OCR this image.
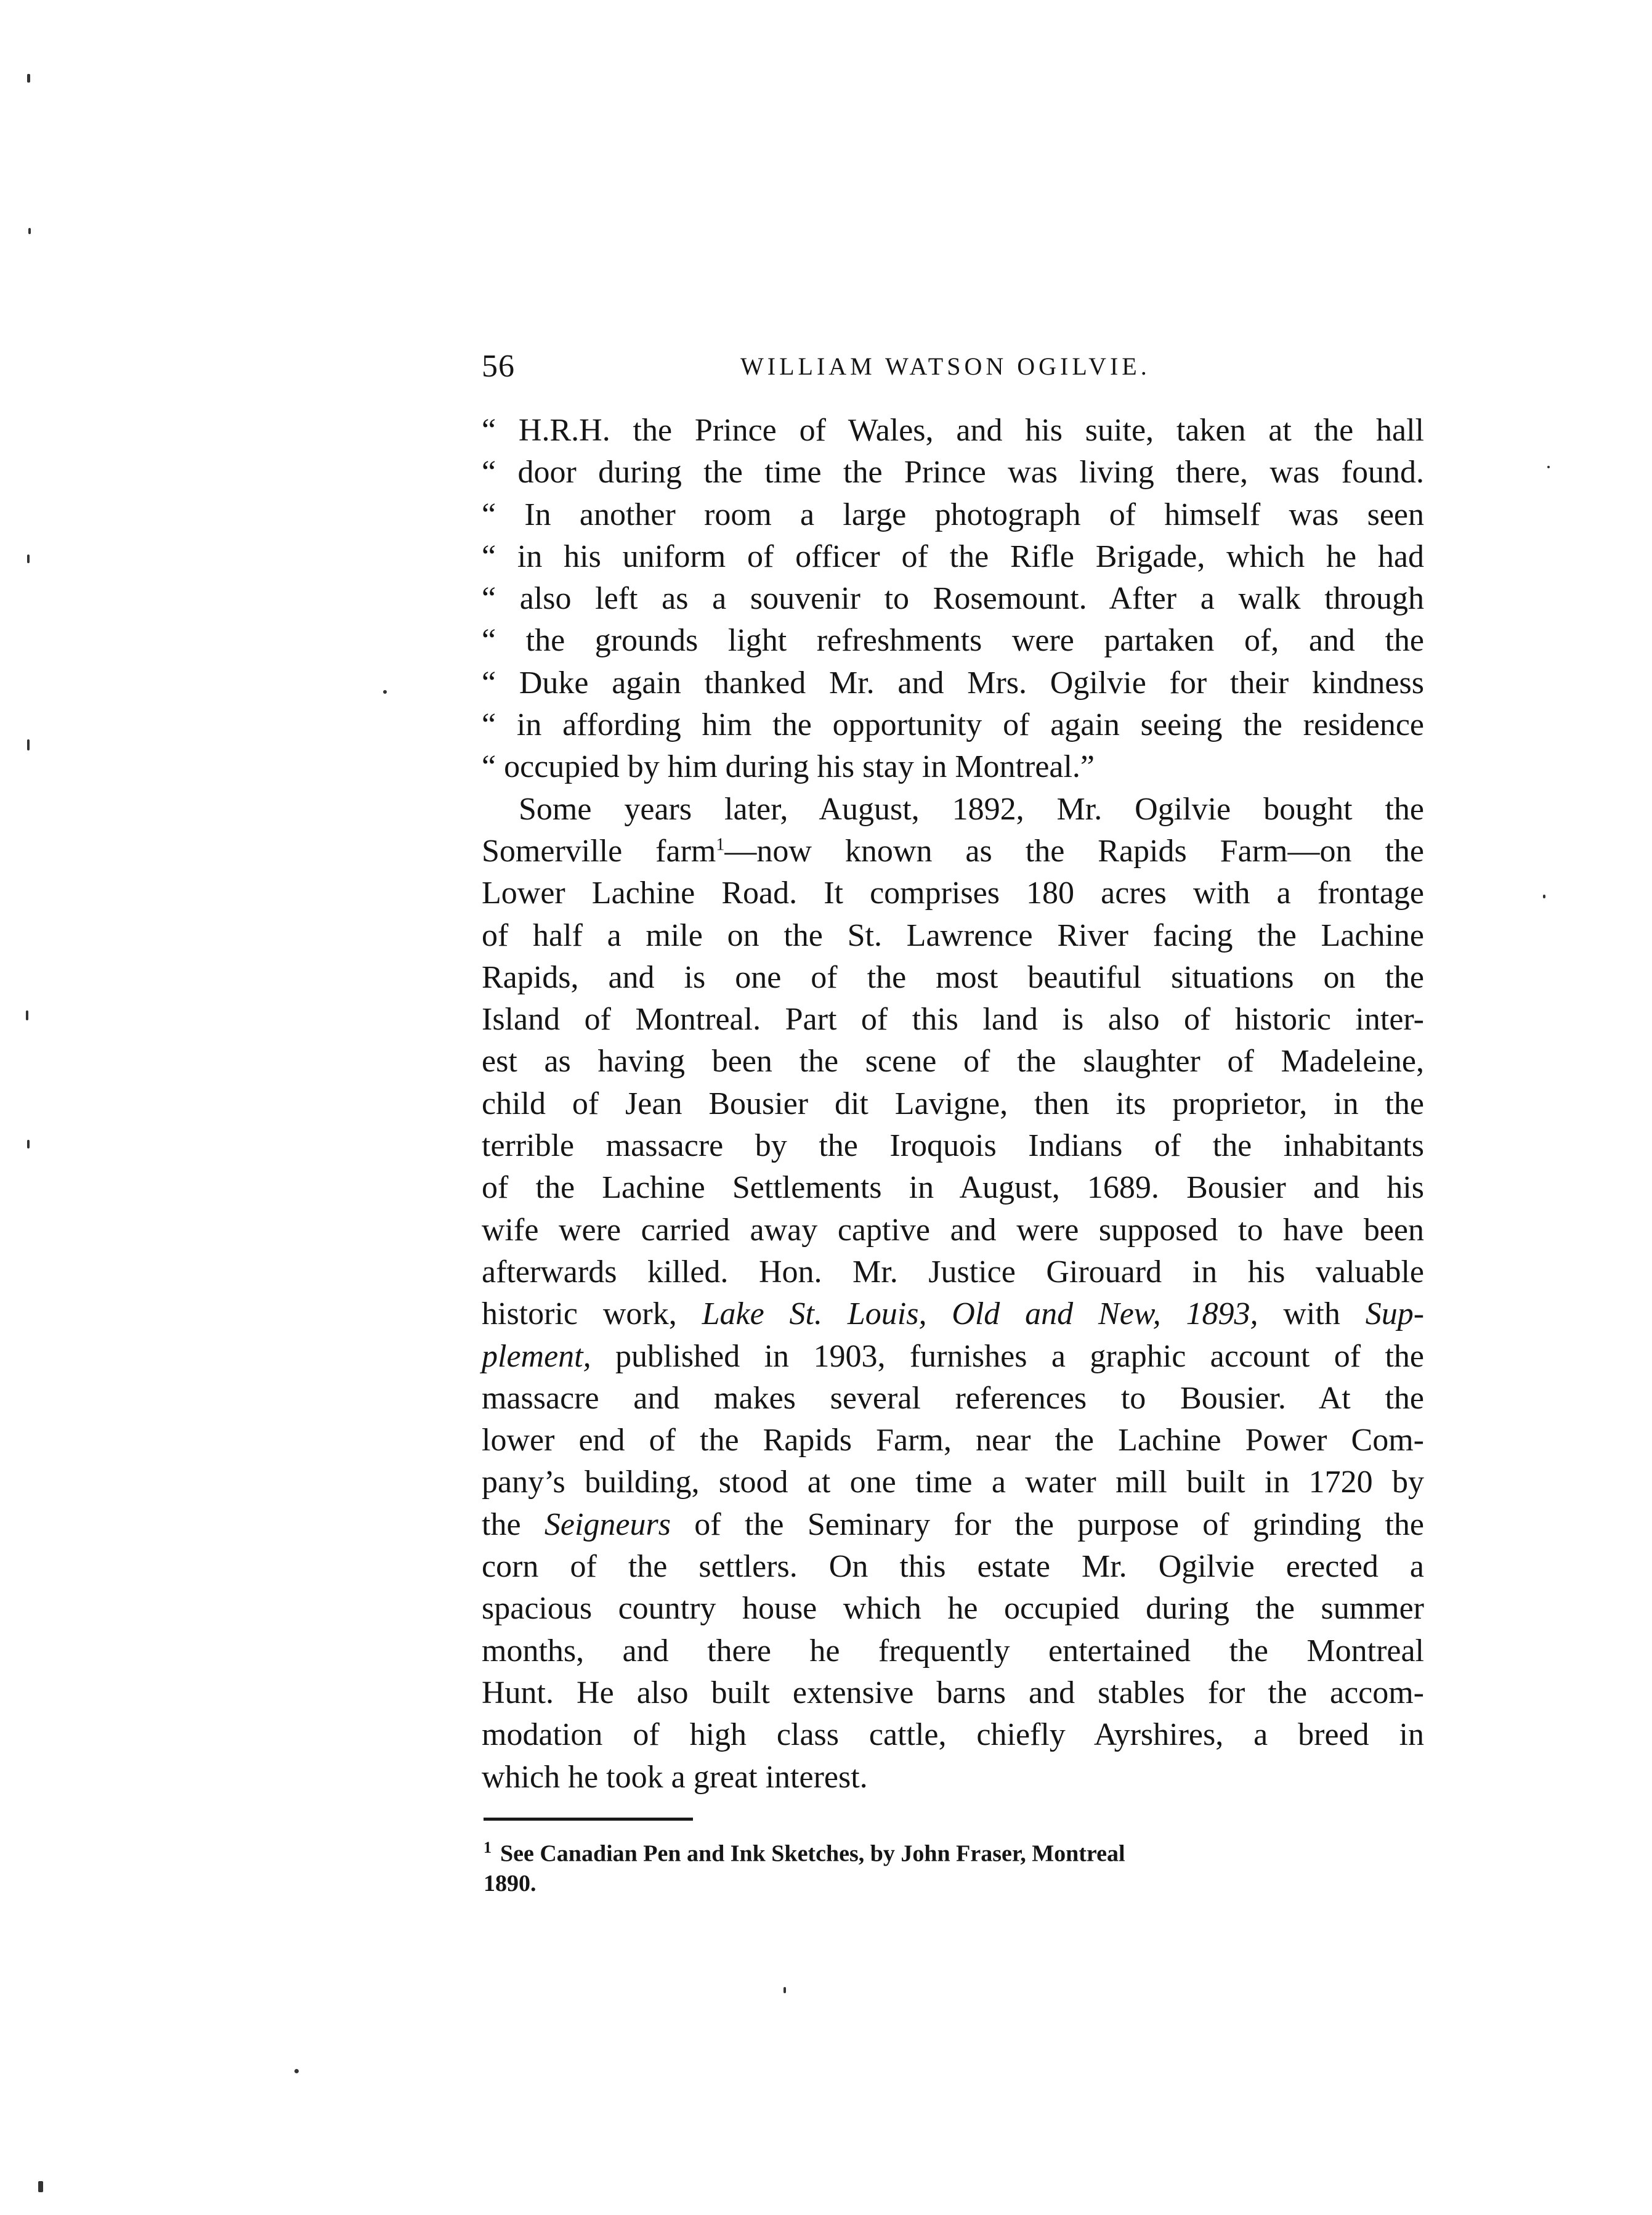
56	WILLIAM WATSON OGILVIE.
“ H.R.H. the Prince of Wales, and his suite, taken at the hall
“ door during the time the Prince was living there, was found.
“ In another room a large photograph of himself was seen
“ in his uniform of officer of the Rifle Brigade, which he had
“ also left as a souvenir to Rosemount. After a walk through
“ the grounds light refreshments were partaken of, and the
“ Duke again thanked Mr. and Mrs. Ogilvie for their kindness
“ in affording him the opportunity of again seeing the residence
“ occupied by him during his stay in Montreal.”
Some years later, August, 1892, Mr. Ogilvie bought the
Somerville farm$^1$—now known as the Rapids Farm—on the
Lower Lachine Road. It comprises 180 acres with a frontage
of half a mile on the St. Lawrence River facing the Lachine
Rapids, and is one of the most beautiful situations on the
Island of Montreal. Part of this land is also of historic inter-
est as having been the scene of the slaughter of Madeleine,
child of Jean Bousier dit Lavigne, then its proprietor, in the
terrible massacre by the Iroquois Indians of the inhabitants
of the Lachine Settlements in August, 1689. Bousier and his
wife were carried away captive and were supposed to have been
afterwards killed. Hon. Mr. Justice Girouard in his valuable
historic work, Lake St. Louis, Old and New, 1893, with Sup-
plement, published in 1903, furnishes a graphic account of the
massacre and makes several references to Bousier. At the
lower end of the Rapids Farm, near the Lachine Power Com-
pany’s building, stood at one time a water mill built in 1720 by
the Seigneurs of the Seminary for the purpose of grinding the
corn of the settlers. On this estate Mr. Ogilvie erected a
spacious country house which he occupied during the summer
months, and there he frequently entertained the Montreal
Hunt. He also built extensive barns and stables for the accom-
modation of high class cattle, chiefly Ayrshires, a breed in
which he took a great interest.
$^1$ See Canadian Pen and Ink Sketches, by John Fraser, Montreal
1890.
